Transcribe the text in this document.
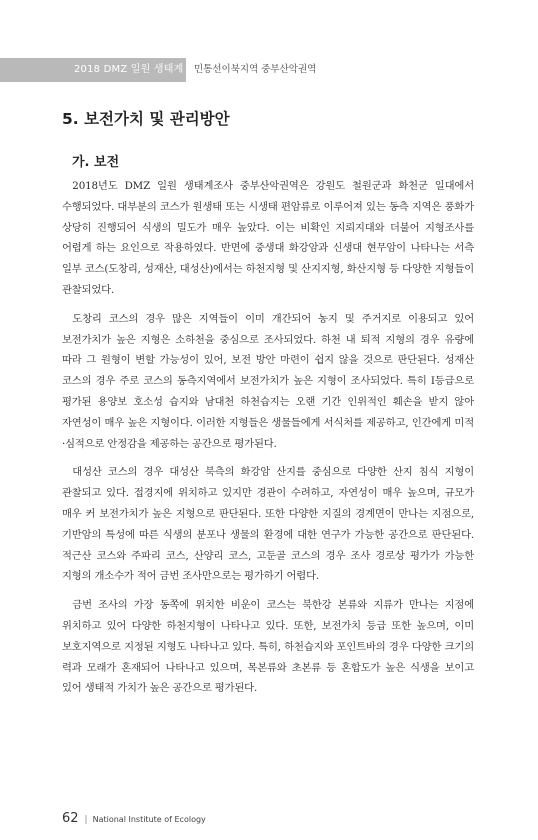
2018 DMZ 일원 생태계 조사
민통선이북지역 중부산악권역
5. 보전가치 및 관리방안
가. 보전

2018년도 DMZ 일원 생태계조사 중부산악권역은 강원도 철원군과 화천군 일대에서 수행되었다. 대부분의 코스가 원생태 또는 시생태 편암류로 이루어져 있는 동측 지역은 풍화가 상당히 진행되어 식생의 밀도가 매우 높았다. 이는 비확인 지뢰지대와 더불어 지형조사를 어렵게 하는 요인으로 작용하였다. 반면에 중생대 화강암과 신생대 현무암이 나타나는 서측 일부 코스(도창리, 성재산, 대성산)에서는 하천지형 및 산지지형, 화산지형 등 다양한 지형들이 관찰되었다.

도창리 코스의 경우 많은 지역들이 이미 개간되어 농지 및 주거지로 이용되고 있어 보전가치가 높은 지형은 소하천을 중심으로 조사되었다. 하천 내 퇴적 지형의 경우 유량에 따라 그 원형이 변할 가능성이 있어, 보전 방안 마련이 쉽지 않을 것으로 판단된다. 성재산 코스의 경우 주로 코스의 동측지역에서 보전가치가 높은 지형이 조사되었다. 특히 I등급으로 평가된 용양보 호소성 습지와 남대천 하천습지는 오랜 기간 인위적인 훼손을 받지 않아 자연성이 매우 높은 지형이다. 이러한 지형들은 생물들에게 서식처를 제공하고, 인간에게 미적·심적으로 안정감을 제공하는 공간으로 평가된다.

대성산 코스의 경우 대성산 북측의 화강암 산지를 중심으로 다양한 산지 침식 지형이 관찰되고 있다. 접경지에 위치하고 있지만 경관이 수려하고, 자연성이 매우 높으며, 규모가 매우 커 보전가치가 높은 지형으로 판단된다. 또한 다양한 지질의 경계면이 만나는 지점으로, 기반암의 특성에 따른 식생의 분포나 생물의 환경에 대한 연구가 가능한 공간으로 판단된다. 적근산 코스와 주파리 코스, 산양리 코스, 고둔골 코스의 경우 조사 경로상 평가가 가능한 지형의 개소수가 적어 금번 조사만으로는 평가하기 어렵다.

금번 조사의 가장 동쪽에 위치한 비운이 코스는 북한강 본류와 지류가 만나는 지점에 위치하고 있어 다양한 하천지형이 나타나고 있다. 또한, 보전가치 등급 또한 높으며, 이미 보호지역으로 지정된 지형도 나타나고 있다. 특히, 하천습지와 포인트바의 경우 다양한 크기의 력과 모래가 혼재되어 나타나고 있으며, 목본류와 초본류 등 혼합도가 높은 식생을 보이고 있어 생태적 가치가 높은 공간으로 평가된다.

62 | National Institute of Ecology
